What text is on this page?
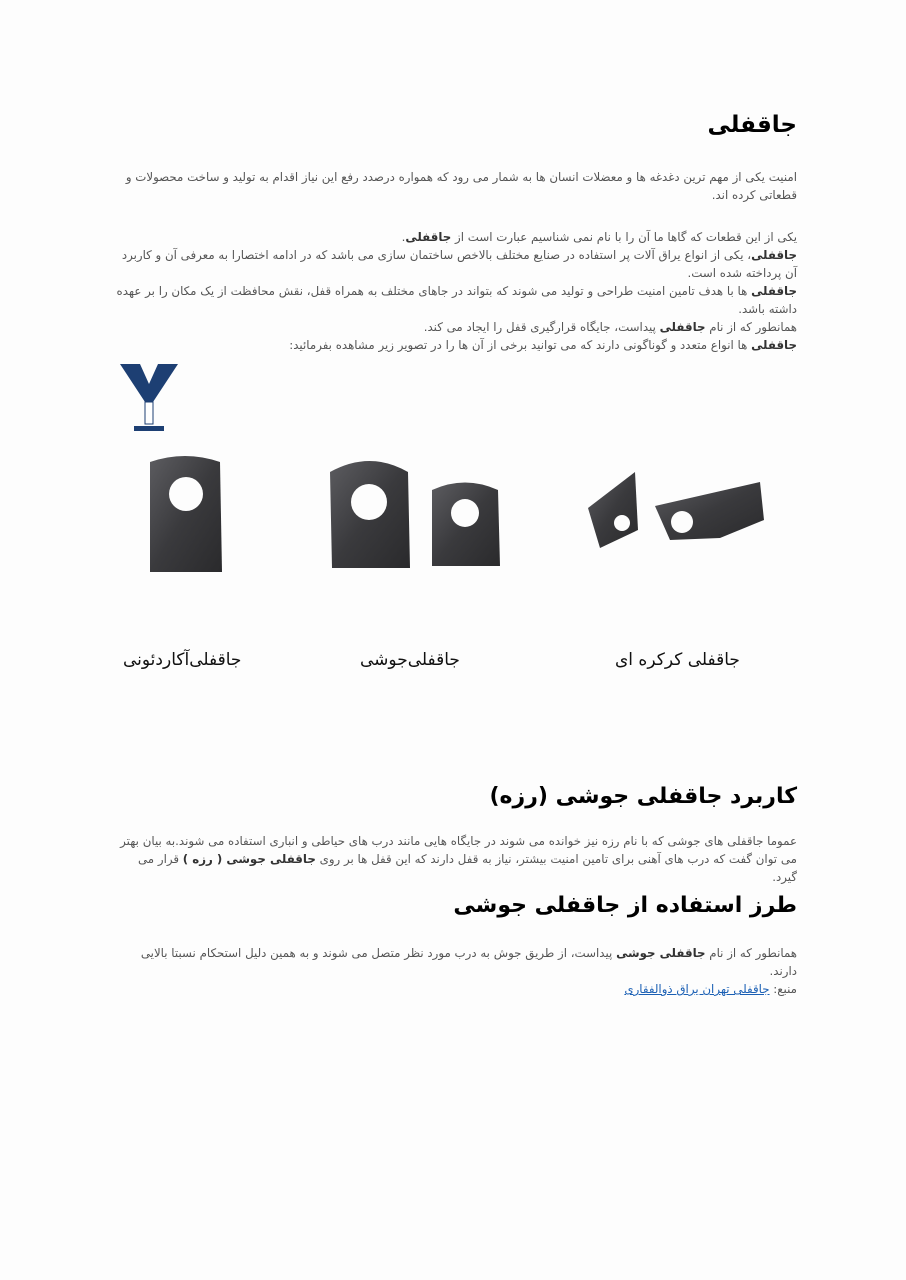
جاقفلی

امنیت یکی از مهم ترین دغدغه ها و معضلات انسان ها به شمار می رود که همواره درصدد رفع این نیاز اقدام به تولید و ساخت محصولات و قطعاتی کرده اند.

یکی از این قطعات که گاها ما آن را با نام نمی شناسیم عبارت است از جاقفلی.

جاقفلی، یکی از انواع یراق آلات پر استفاده در صنایع مختلف بالاخص ساختمان سازی می باشد که در ادامه اختصارا به معرفی آن و کاربرد آن پرداخته شده است.

جاقفلی ها با هدف تامین امنیت طراحی و تولید می شوند که بتواند در جاهای مختلف به همراه قفل، نقش محافظت از یک مکان را بر عهده داشته باشد.

همانطور که از نام جاقفلی پیداست، جایگاه قرارگیری قفل را ایجاد می کند.

جاقفلی ها انواع متعدد و گوناگونی دارند که می توانید برخی از آن ها را در تصویر زیر مشاهده بفرمائید:

کاربرد جاقفلی جوشی (رزه)

عموما جاقفلی های جوشی که با نام رزه نیز خوانده می شوند در جایگاه هایی مانند درب های حیاطی و انباری استفاده می شوند.به بیان بهتر می توان گفت که درب های آهنی برای تامین امنیت بیشتر، نیاز به قفل دارند که این قفل ها بر روی جاقفلی جوشی ( رزه ) قرار می گیرد.

طرز استفاده از جاقفلی جوشی

همانطور که از نام جاقفلی جوشی پیداست، از طریق جوش به درب مورد نظر متصل می شوند و به همین دلیل استحکام نسبتا بالایی دارند.

منبع: جاقفلی تهران یراق ذوالفقاری

جاقفلی‌آکاردئونی	جاقفلی‌جوشی	جاقفلی کرکره ای
